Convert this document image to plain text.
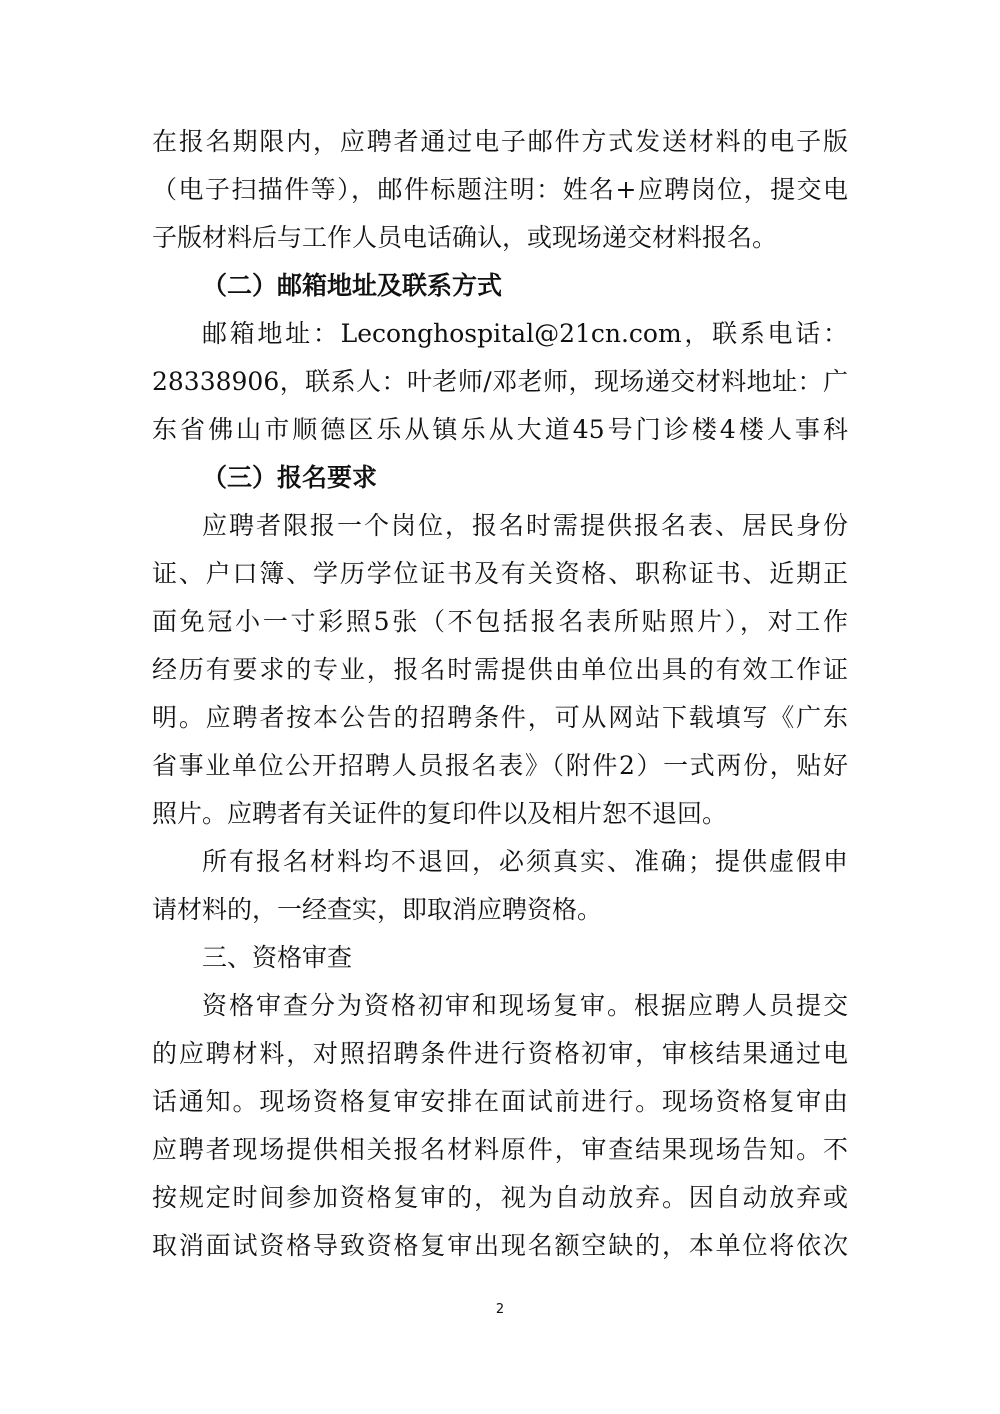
在报名期限内，应聘者通过电子邮件方式发送材料的电子版
（电子扫描件等），邮件标题注明：姓名+应聘岗位，提交电
子版材料后与工作人员电话确认，或现场递交材料报名。
（二）邮箱地址及联系方式
邮箱地址：Leconghospital@21cn.com，联系电话：
28338906，联系人：叶老师/邓老师，现场递交材料地址：广
东省佛山市顺德区乐从镇乐从大道45号门诊楼4楼人事科
（三）报名要求
应聘者限报一个岗位，报名时需提供报名表、居民身份
证、户口簿、学历学位证书及有关资格、职称证书、近期正
面免冠小一寸彩照5张（不包括报名表所贴照片），对工作
经历有要求的专业，报名时需提供由单位出具的有效工作证
明。应聘者按本公告的招聘条件，可从网站下载填写《广东
省事业单位公开招聘人员报名表》（附件2）一式两份，贴好
照片。应聘者有关证件的复印件以及相片恕不退回。
所有报名材料均不退回，必须真实、准确；提供虚假申
请材料的，一经查实，即取消应聘资格。
三、资格审查
资格审查分为资格初审和现场复审。根据应聘人员提交
的应聘材料，对照招聘条件进行资格初审，审核结果通过电
话通知。现场资格复审安排在面试前进行。现场资格复审由
应聘者现场提供相关报名材料原件，审查结果现场告知。不
按规定时间参加资格复审的，视为自动放弃。因自动放弃或
取消面试资格导致资格复审出现名额空缺的，本单位将依次
2
